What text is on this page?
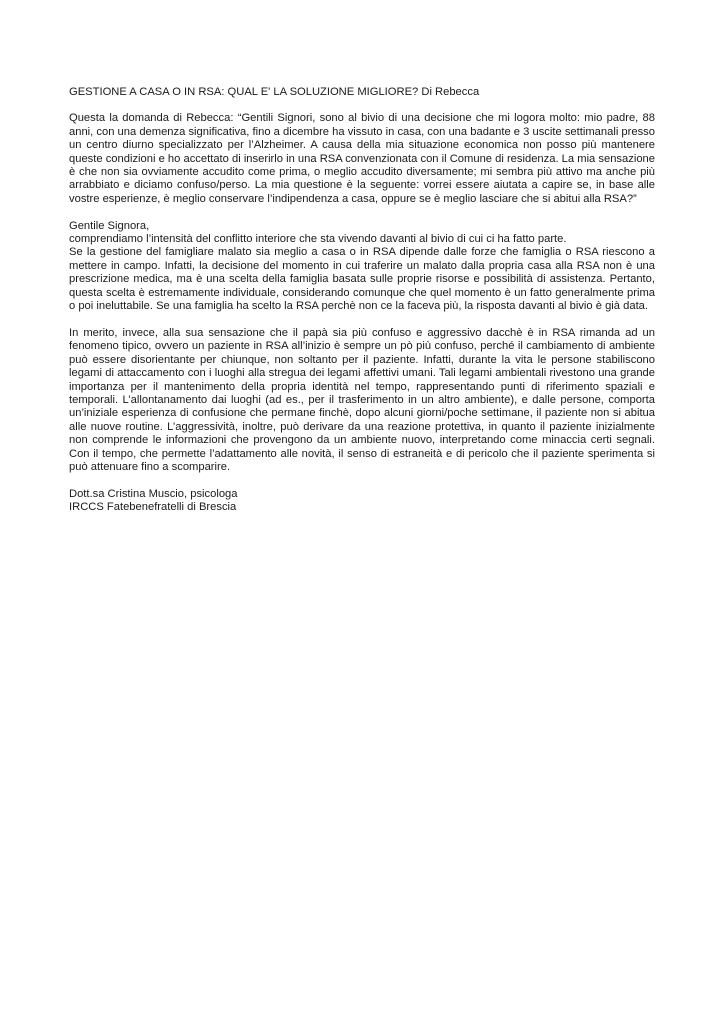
GESTIONE A CASA O IN RSA: QUAL E' LA SOLUZIONE MIGLIORE? Di Rebecca

Questa la domanda di Rebecca: “Gentili Signori, sono al bivio di una decisione che mi logora molto: mio padre, 88 anni, con una demenza significativa, fino a dicembre ha vissuto in casa, con una badante e 3 uscite settimanali presso un centro diurno specializzato per l’Alzheimer. A causa della mia situazione economica non posso più mantenere queste condizioni e ho accettato di inserirlo in una RSA convenzionata con il Comune di residenza. La mia sensazione è che non sia ovviamente accudito come prima, o meglio accudito diversamente; mi sembra più attivo ma anche più arrabbiato e diciamo confuso/perso. La mia questione è la seguente: vorrei essere aiutata a capire se, in base alle vostre esperienze, è meglio conservare l’indipendenza a casa, oppure se è meglio lasciare che si abitui alla RSA?”

Gentile Signora,
comprendiamo l’intensità del conflitto interiore che sta vivendo davanti al bivio di cui ci ha fatto parte.
Se la gestione del famigliare malato sia meglio a casa o in RSA dipende dalle forze che famiglia o RSA riescono a mettere in campo. Infatti, la decisione del momento in cui traferire un malato dalla propria casa alla RSA non è una prescrizione medica, ma è una scelta della famiglia basata sulle proprie risorse e possibilità di assistenza. Pertanto, questa scelta è estremamente individuale, considerando comunque che quel momento è un fatto generalmente prima o poi ineluttabile. Se una famiglia ha scelto la RSA perchè non ce la faceva più, la risposta davanti al bivio è già data.

In merito, invece, alla sua sensazione che il papà sia più confuso e aggressivo dacchè è in RSA rimanda ad un fenomeno tipico, ovvero un paziente in RSA all’inizio è sempre un pò più confuso, perché il cambiamento di ambiente può essere disorientante per chiunque, non soltanto per il paziente. Infatti, durante la vita le persone stabiliscono legami di attaccamento con i luoghi alla stregua dei legami affettivi umani. Tali legami ambientali rivestono una grande importanza per il mantenimento della propria identità nel tempo, rappresentando punti di riferimento spaziali e temporali. L’allontanamento dai luoghi (ad es., per il trasferimento in un altro ambiente), e dalle persone, comporta un’iniziale esperienza di confusione che permane finchè, dopo alcuni giorni/poche settimane, il paziente non si abitua alle nuove routine. L’aggressività, inoltre, può derivare da una reazione protettiva, in quanto il paziente inizialmente non comprende le informazioni che provengono da un ambiente nuovo, interpretando come minaccia certi segnali. Con il tempo, che permette l’adattamento alle novità, il senso di estraneità e di pericolo che il paziente sperimenta si può attenuare fino a scomparire.

Dott.sa Cristina Muscio, psicologa
IRCCS Fatebenefratelli di Brescia
